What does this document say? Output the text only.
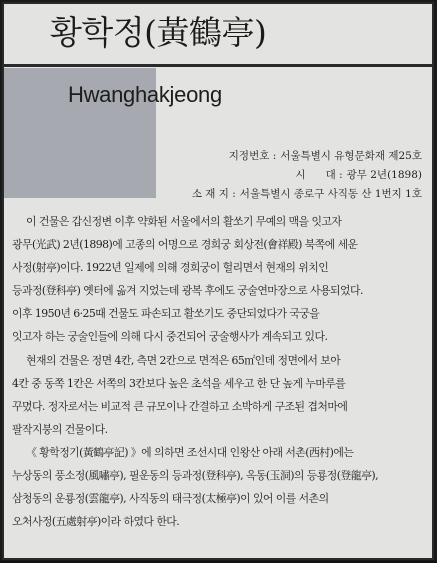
황학정(黃鶴亭)
Hwanghakjeong
지정번호 : 서울특별시 유형문화재 제25호
시      대 : 광무 2년(1898)
소 재 지 : 서울특별시 종로구 사직동 산 1번지 1호
이 건물은 갑신정변 이후 약화된 서울에서의 활쏘기 무예의 맥을 잇고자
광무(光武) 2년(1898)에 고종의 어명으로 경희궁 회상전(會祥殿) 북쪽에 세운
사정(射亭)이다. 1922년 일제에 의해 경희궁이 헐리면서 현재의 위치인
등과정(登科亭) 옛터에 옮겨 지었는데 광복 후에도 궁술연마장으로 사용되었다.
이후 1950년 6·25때 건물도 파손되고 활쏘기도 중단되었다가 국궁을
잇고자 하는 궁술인들에 의해 다시 중건되어 궁술행사가 계속되고 있다.
현재의 건물은 정면 4칸, 측면 2칸으로 면적은 65㎡인데 정면에서 보아
4칸 중 동쪽 1칸은 서쪽의 3칸보다 높은 초석을 세우고 한 단 높게 누마루를
꾸몄다. 정자로서는 비교적 큰 규모이나 간결하고 소박하게 구조된 겹처마에
팔작지붕의 건물이다.
《 황학정기(黃鶴亭記) 》에 의하면 조선시대 인왕산 아래 서촌(西村)에는
누상동의 풍소정(風嘯亭), 필운동의 등과정(登科亭), 옥동(玉洞)의 등룡정(登龍亭),
삼청동의 운룡정(雲龍亭), 사직동의 태극정(太極亭)이 있어 이를 서촌의
오처사정(五處射亭)이라 하였다 한다.
